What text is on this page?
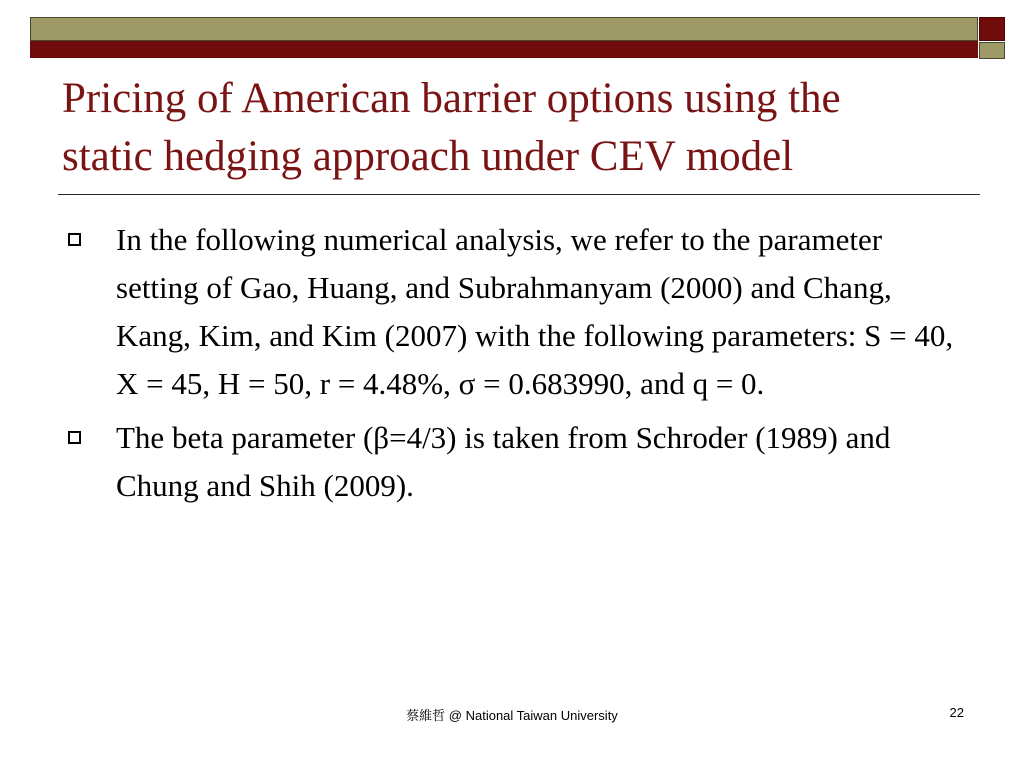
Pricing of American barrier options using the
static hedging approach under CEV model
In the following numerical analysis, we refer to the parameter setting of Gao, Huang, and Subrahmanyam (2000) and Chang, Kang, Kim, and Kim (2007) with the following parameters: S = 40, X = 45, H = 50, r = 4.48%, σ = 0.683990, and q = 0.
The beta parameter (β=4/3) is taken from Schroder (1989) and Chung and Shih (2009).
蔡維哲 @ National Taiwan University	22
